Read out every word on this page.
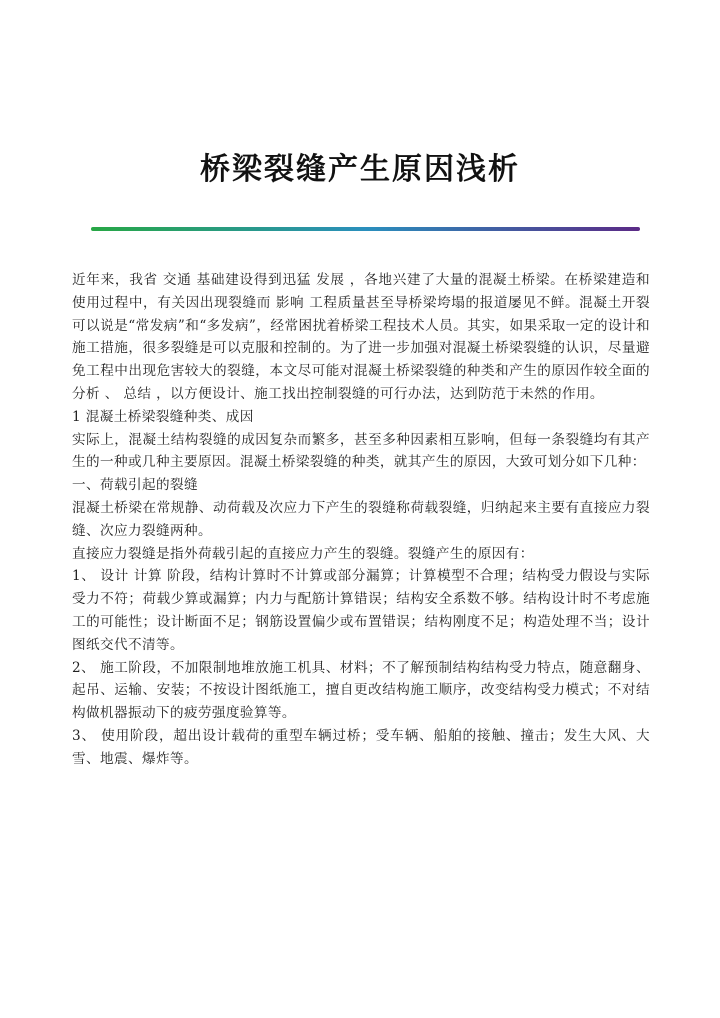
桥梁裂缝产生原因浅析

近年来，我省 交通 基础建设得到迅猛 发展 ，各地兴建了大量的混凝土桥梁。在桥梁建造和使用过程中，有关因出现裂缝而 影响 工程质量甚至导桥梁垮塌的报道屡见不鲜。混凝土开裂可以说是“常发病”和“多发病”，经常困扰着桥梁工程技术人员。其实，如果采取一定的设计和施工措施，很多裂缝是可以克服和控制的。为了进一步加强对混凝土桥梁裂缝的认识，尽量避免工程中出现危害较大的裂缝，本文尽可能对混凝土桥梁裂缝的种类和产生的原因作较全面的 分析 、 总结 ，以方便设计、施工找出控制裂缝的可行办法，达到防范于未然的作用。

1 混凝土桥梁裂缝种类、成因

实际上，混凝土结构裂缝的成因复杂而繁多，甚至多种因素相互影响，但每一条裂缝均有其产生的一种或几种主要原因。混凝土桥梁裂缝的种类，就其产生的原因，大致可划分如下几种：

一、荷载引起的裂缝

混凝土桥梁在常规静、动荷载及次应力下产生的裂缝称荷载裂缝，归纳起来主要有直接应力裂缝、次应力裂缝两种。

直接应力裂缝是指外荷载引起的直接应力产生的裂缝。裂缝产生的原因有：

1、 设计 计算 阶段，结构计算时不计算或部分漏算；计算模型不合理；结构受力假设与实际受力不符；荷载少算或漏算；内力与配筋计算错误；结构安全系数不够。结构设计时不考虑施工的可能性；设计断面不足；钢筋设置偏少或布置错误；结构刚度不足；构造处理不当；设计图纸交代不清等。

2、 施工阶段，不加限制地堆放施工机具、材料；不了解预制结构结构受力特点，随意翻身、起吊、运输、安装；不按设计图纸施工，擅自更改结构施工顺序，改变结构受力模式；不对结构做机器振动下的疲劳强度验算等。

3、 使用阶段，超出设计载荷的重型车辆过桥；受车辆、船舶的接触、撞击；发生大风、大雪、地震、爆炸等。
